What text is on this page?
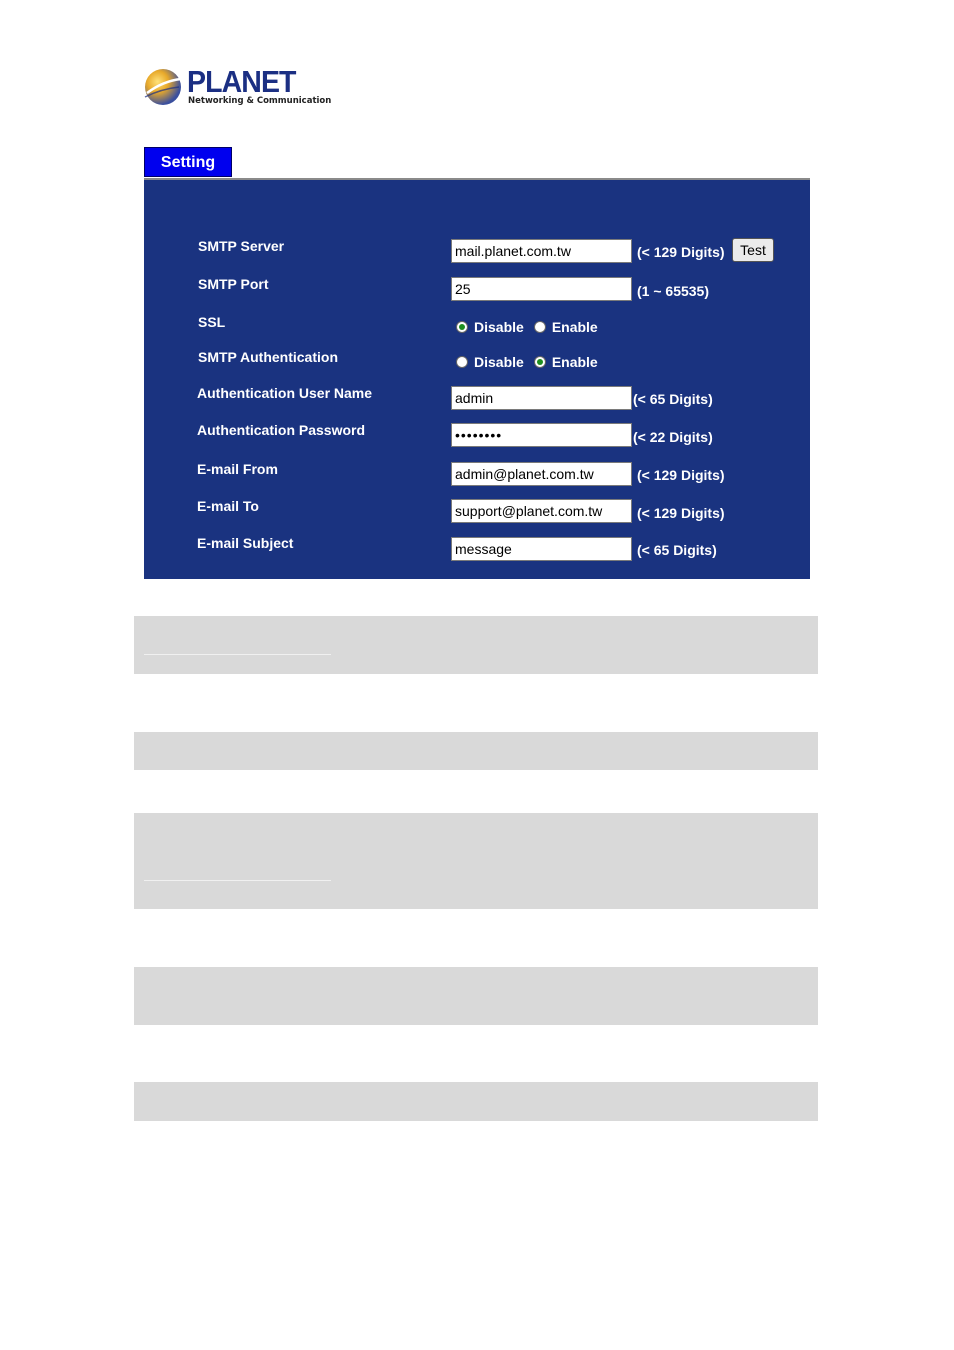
PLANET
Networking & Communication
Setting
SMTP Server	mail.planet.com.tw	(< 129 Digits)	Test
SMTP Port	25	(1 ~ 65535)
SSL	Disable Enable
SMTP Authentication	Disable Enable
Authentication User Name	admin	(< 65 Digits)
Authentication Password	••••••••	(< 22 Digits)
E-mail From	admin@planet.com.tw	(< 129 Digits)
E-mail To	support@planet.com.tw	(< 129 Digits)
E-mail Subject	message	(< 65 Digits)
